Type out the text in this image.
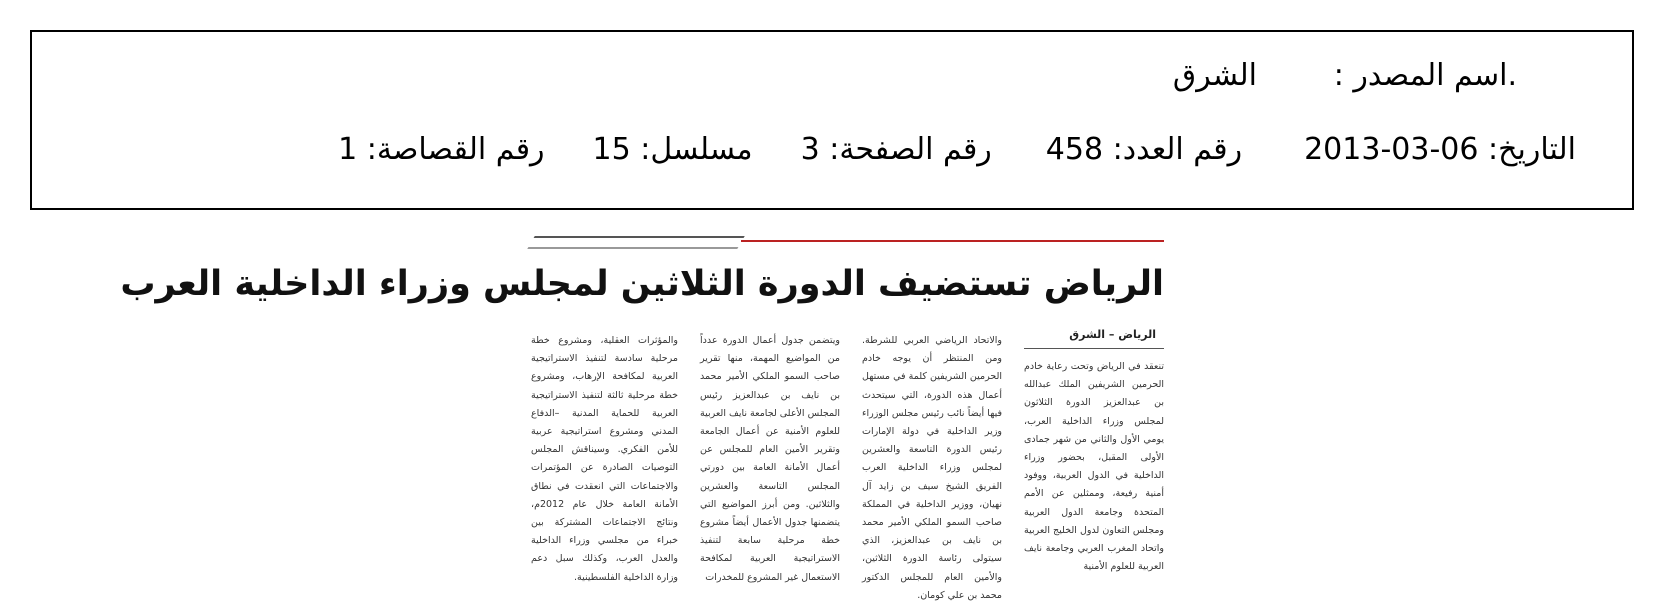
.اسم المصدر :
الشرق
التاريخ: 06-03-2013
رقم العدد: 458
رقم الصفحة: 3
مسلسل: 15
رقم القصاصة: 1
الرياض تستضيف الدورة الثلاثين لمجلس وزراء الداخلية العرب
الرياض – الشرق

تنعقد في الرياض وتحت رعاية خادم الحرمين الشريفين الملك عبدالله بن عبدالعزيز الدورة الثلاثون لمجلس وزراء الداخلية العرب، يومي الأول والثاني من شهر جمادى الأولى المقبل، بحضور وزراء الداخلية في الدول العربية، ووفود أمنية رفيعة، وممثلين عن الأمم المتحدة وجامعة الدول العربية ومجلس التعاون لدول الخليج العربية واتحاد المغرب العربي وجامعة نايف العربية للعلوم الأمنية

والاتحاد الرياضي العربي للشرطة. ومن المنتظر أن يوجه خادم الحرمين الشريفين كلمة في مستهل أعمال هذه الدورة، التي سيتحدث فيها أيضاً نائب رئيس مجلس الوزراء وزير الداخلية في دولة الإمارات رئيس الدورة التاسعة والعشرين لمجلس وزراء الداخلية العرب الفريق الشيخ سيف بن زايد آل نهيان، ووزير الداخلية في المملكة صاحب السمو الملكي الأمير محمد بن نايف بن عبدالعزيز، الذي سيتولى رئاسة الدورة الثلاثين، والأمين العام للمجلس الدكتور محمد بن علي كومان.

ويتضمن جدول أعمال الدورة عدداً من المواضيع المهمة، منها تقرير صاحب السمو الملكي الأمير محمد بن نايف بن عبدالعزيز رئيس المجلس الأعلى لجامعة نايف العربية للعلوم الأمنية عن أعمال الجامعة وتقرير الأمين العام للمجلس عن أعمال الأمانة العامة بين دورتي المجلس التاسعة والعشرين والثلاثين. ومن أبرز المواضيع التي يتضمنها جدول الأعمال أيضاً مشروع خطة مرحلية سابعة لتنفيذ الاستراتيجية العربية لمكافحة الاستعمال غير المشروع للمخدرات

والمؤثرات العقلية، ومشروع خطة مرحلية سادسة لتنفيذ الاستراتيجية العربية لمكافحة الإرهاب، ومشروع خطة مرحلية ثالثة لتنفيذ الاستراتيجية العربية للحماية المدنية –الدفاع المدني ومشروع استراتيجية عربية للأمن الفكري. وسيناقش المجلس التوصيات الصادرة عن المؤتمرات والاجتماعات التي انعقدت في نطاق الأمانة العامة خلال عام 2012م، ونتائج الاجتماعات المشتركة بين خبراء من مجلسي وزراء الداخلية والعدل العرب، وكذلك سبل دعم وزارة الداخلية الفلسطينية.
